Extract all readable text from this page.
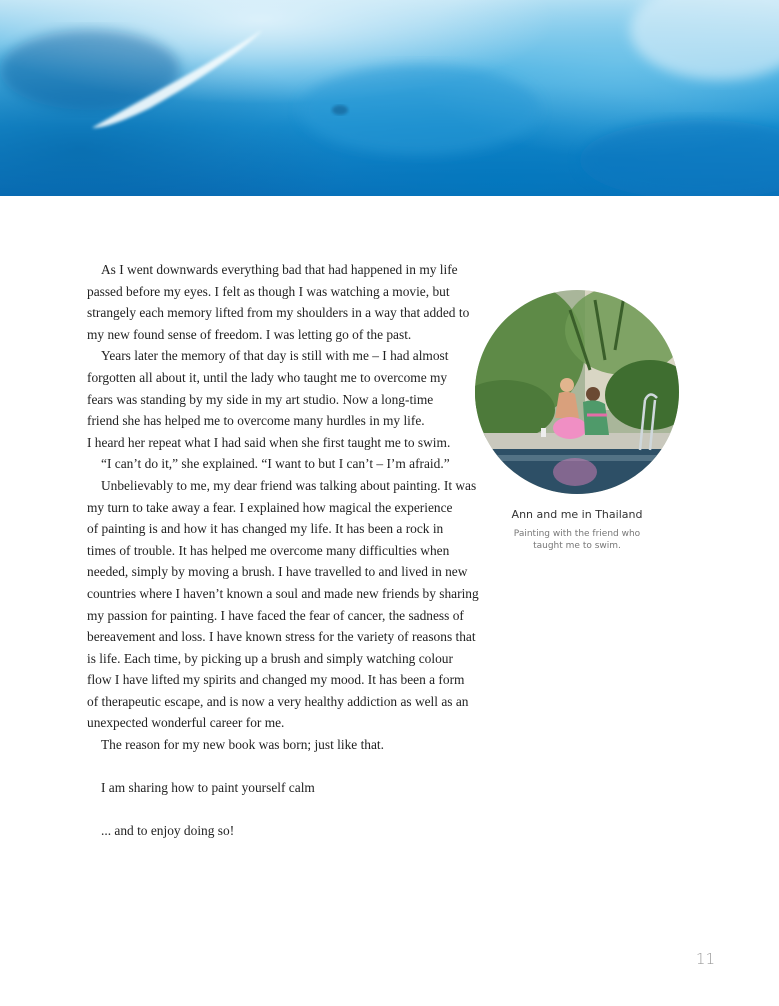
As I went downwards everything bad that had happened in my life
passed before my eyes. I felt as though I was watching a movie, but
strangely each memory lifted from my shoulders in a way that added to
my new found sense of freedom. I was letting go of the past.
Years later the memory of that day is still with me – I had almost
forgotten all about it, until the lady who taught me to overcome my
fears was standing by my side in my art studio. Now a long-time
friend she has helped me to overcome many hurdles in my life.
I heard her repeat what I had said when she first taught me to swim.
“I can’t do it,” she explained. “I want to but I can’t – I’m afraid.”
Unbelievably to me, my dear friend was talking about painting. It was
my turn to take away a fear. I explained how magical the experience
of painting is and how it has changed my life. It has been a rock in
times of trouble. It has helped me overcome many difficulties when
needed, simply by moving a brush. I have travelled to and lived in new
countries where I haven’t known a soul and made new friends by sharing
my passion for painting. I have faced the fear of cancer, the sadness of
bereavement and loss. I have known stress for the variety of reasons that
is life. Each time, by picking up a brush and simply watching colour
flow I have lifted my spirits and changed my mood. It has been a form
of therapeutic escape, and is now a very healthy addiction as well as an
unexpected wonderful career for me.
The reason for my new book was born; just like that.
I am sharing how to paint yourself calm
... and to enjoy doing so!
Ann and me in Thailand
Painting with the friend who
taught me to swim.
11
